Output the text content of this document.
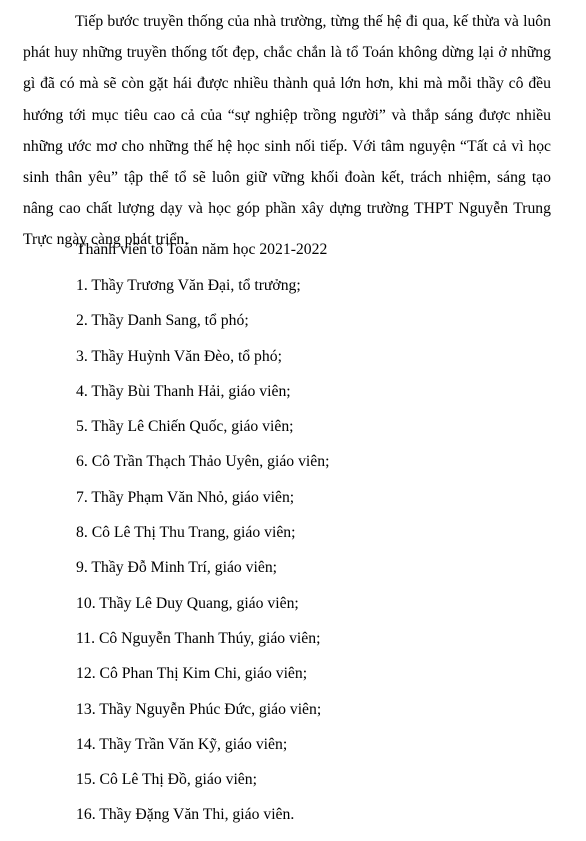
Tiếp bước truyền thống của nhà trường, từng thế hệ đi qua, kế thừa và luôn phát huy những truyền thống tốt đẹp, chắc chắn là tổ Toán không dừng lại ở những gì đã có mà sẽ còn gặt hái được nhiều thành quả lớn hơn, khi mà mỗi thầy cô đều hướng tới mục tiêu cao cả của “sự nghiệp trồng người” và thắp sáng được nhiều những ước mơ cho những thế hệ học sinh nối tiếp. Với tâm nguyện “Tất cả vì học sinh thân yêu” tập thể tổ sẽ luôn giữ vững khối đoàn kết, trách nhiệm, sáng tạo nâng cao chất lượng dạy và học góp phần xây dựng trường THPT Nguyễn Trung Trực ngày càng phát triển.

Thành viên tổ Toán năm học 2021-2022

1. Thầy Trương Văn Đại, tổ trưởng;
2. Thầy Danh Sang, tổ phó;
3. Thầy Huỳnh Văn Đèo, tổ phó;
4. Thầy Bùi Thanh Hải, giáo viên;
5. Thầy Lê Chiến Quốc, giáo viên;
6. Cô Trần Thạch Thảo Uyên, giáo viên;
7. Thầy Phạm Văn Nhỏ, giáo viên;
8. Cô Lê Thị Thu Trang, giáo viên;
9. Thầy Đỗ Minh Trí, giáo viên;
10. Thầy Lê Duy Quang, giáo viên;
11. Cô Nguyễn Thanh Thúy, giáo viên;
12. Cô Phan Thị Kim Chi, giáo viên;
13. Thầy Nguyễn Phúc Đức, giáo viên;
14. Thầy Trần Văn Kỹ, giáo viên;
15. Cô Lê Thị Đồ, giáo viên;
16. Thầy Đặng Văn Thi, giáo viên.
